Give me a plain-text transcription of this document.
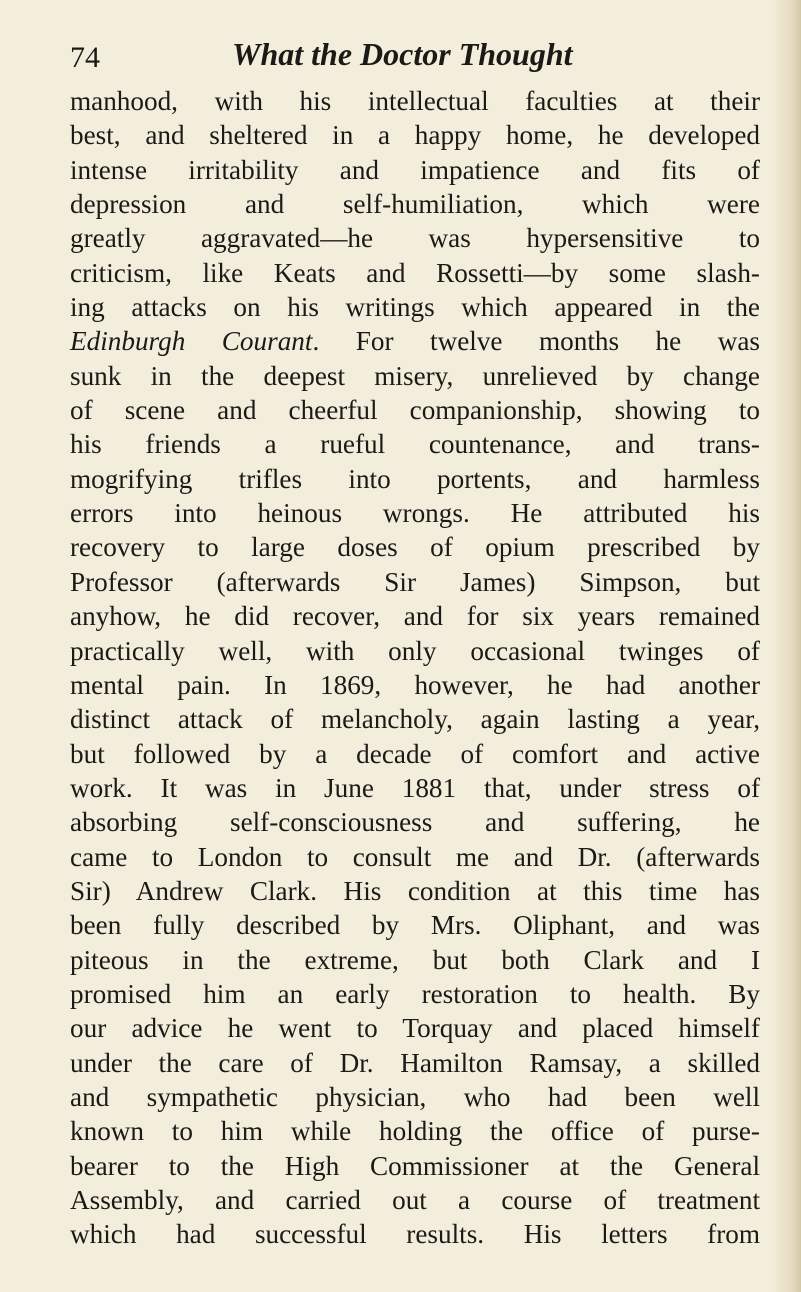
74	What the Doctor Thought
manhood, with his intellectual faculties at their
best, and sheltered in a happy home, he developed
intense irritability and impatience and fits of
depression and self-humiliation, which were
greatly aggravated—he was hypersensitive to
criticism, like Keats and Rossetti—by some slash-
ing attacks on his writings which appeared in the
Edinburgh Courant. For twelve months he was
sunk in the deepest misery, unrelieved by change
of scene and cheerful companionship, showing to
his friends a rueful countenance, and trans-
mogrifying trifles into portents, and harmless
errors into heinous wrongs. He attributed his
recovery to large doses of opium prescribed by
Professor (afterwards Sir James) Simpson, but
anyhow, he did recover, and for six years remained
practically well, with only occasional twinges of
mental pain. In 1869, however, he had another
distinct attack of melancholy, again lasting a year,
but followed by a decade of comfort and active
work. It was in June 1881 that, under stress of
absorbing self-consciousness and suffering, he
came to London to consult me and Dr. (afterwards
Sir) Andrew Clark. His condition at this time has
been fully described by Mrs. Oliphant, and was
piteous in the extreme, but both Clark and I
promised him an early restoration to health. By
our advice he went to Torquay and placed himself
under the care of Dr. Hamilton Ramsay, a skilled
and sympathetic physician, who had been well
known to him while holding the office of purse-
bearer to the High Commissioner at the General
Assembly, and carried out a course of treatment
which had successful results. His letters from
